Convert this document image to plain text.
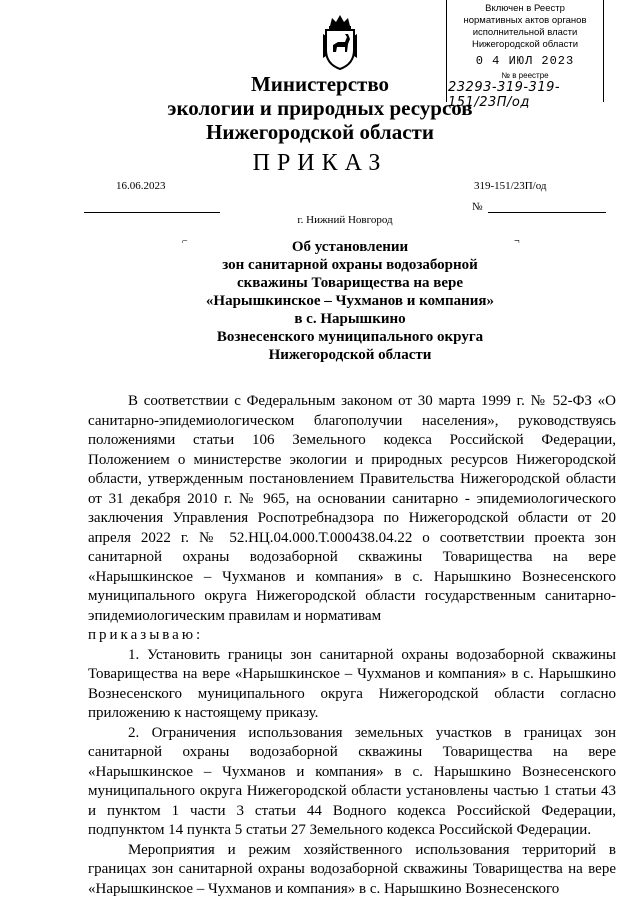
Включен в Реестр
нормативных актов органов
исполнительной власти
Нижегородской области
0 4 ИЮЛ 2023
№ в реестре
23293-319-319-151/23П/од
Министерство
экологии и природных ресурсов
Нижегородской области
ПРИКАЗ
16.06.2023	319-151/23П/од
№
г. Нижний Новгород
⌐	¬
Об установлении
зон санитарной охраны водозаборной
скважины Товарищества на вере
«Нарышкинское – Чухманов и компания»
в с. Нарышкино
Вознесенского муниципального округа
Нижегородской области

В соответствии с Федеральным законом от 30 марта 1999 г. № 52-ФЗ «О санитарно-эпидемиологическом благополучии населения», руководствуясь положениями статьи 106 Земельного кодекса Российской Федерации, Положением о министерстве экологии и природных ресурсов Нижегородской области, утвержденным постановлением Правительства Нижегородской области от 31 декабря 2010 г. № 965, на основании санитарно - эпидемиологического заключения Управления Роспотребнадзора по Нижегородской области от 20 апреля 2022 г. № 52.НЦ.04.000.Т.000438.04.22 о соответствии проекта зон санитарной охраны водозаборной скважины Товарищества на вере «Нарышкинское – Чухманов и компания» в с. Нарышкино Вознесенского муниципального округа Нижегородской области государственным санитарно-эпидемиологическим правилам и нормативам

приказываю:

1. Установить границы зон санитарной охраны водозаборной скважины Товарищества на вере «Нарышкинское – Чухманов и компания» в с. Нарышкино Вознесенского муниципального округа Нижегородской области согласно приложению к настоящему приказу.

2. Ограничения использования земельных участков в границах зон санитарной охраны водозаборной скважины Товарищества на вере «Нарышкинское – Чухманов и компания» в с. Нарышкино Вознесенского муниципального округа Нижегородской области установлены частью 1 статьи 43 и пунктом 1 части 3 статьи 44 Водного кодекса Российской Федерации, подпунктом 14 пункта 5 статьи 27 Земельного кодекса Российской Федерации.

Мероприятия и режим хозяйственного использования территорий в границах зон санитарной охраны водозаборной скважины Товарищества на вере «Нарышкинское – Чухманов и компания» в с. Нарышкино Вознесенского
